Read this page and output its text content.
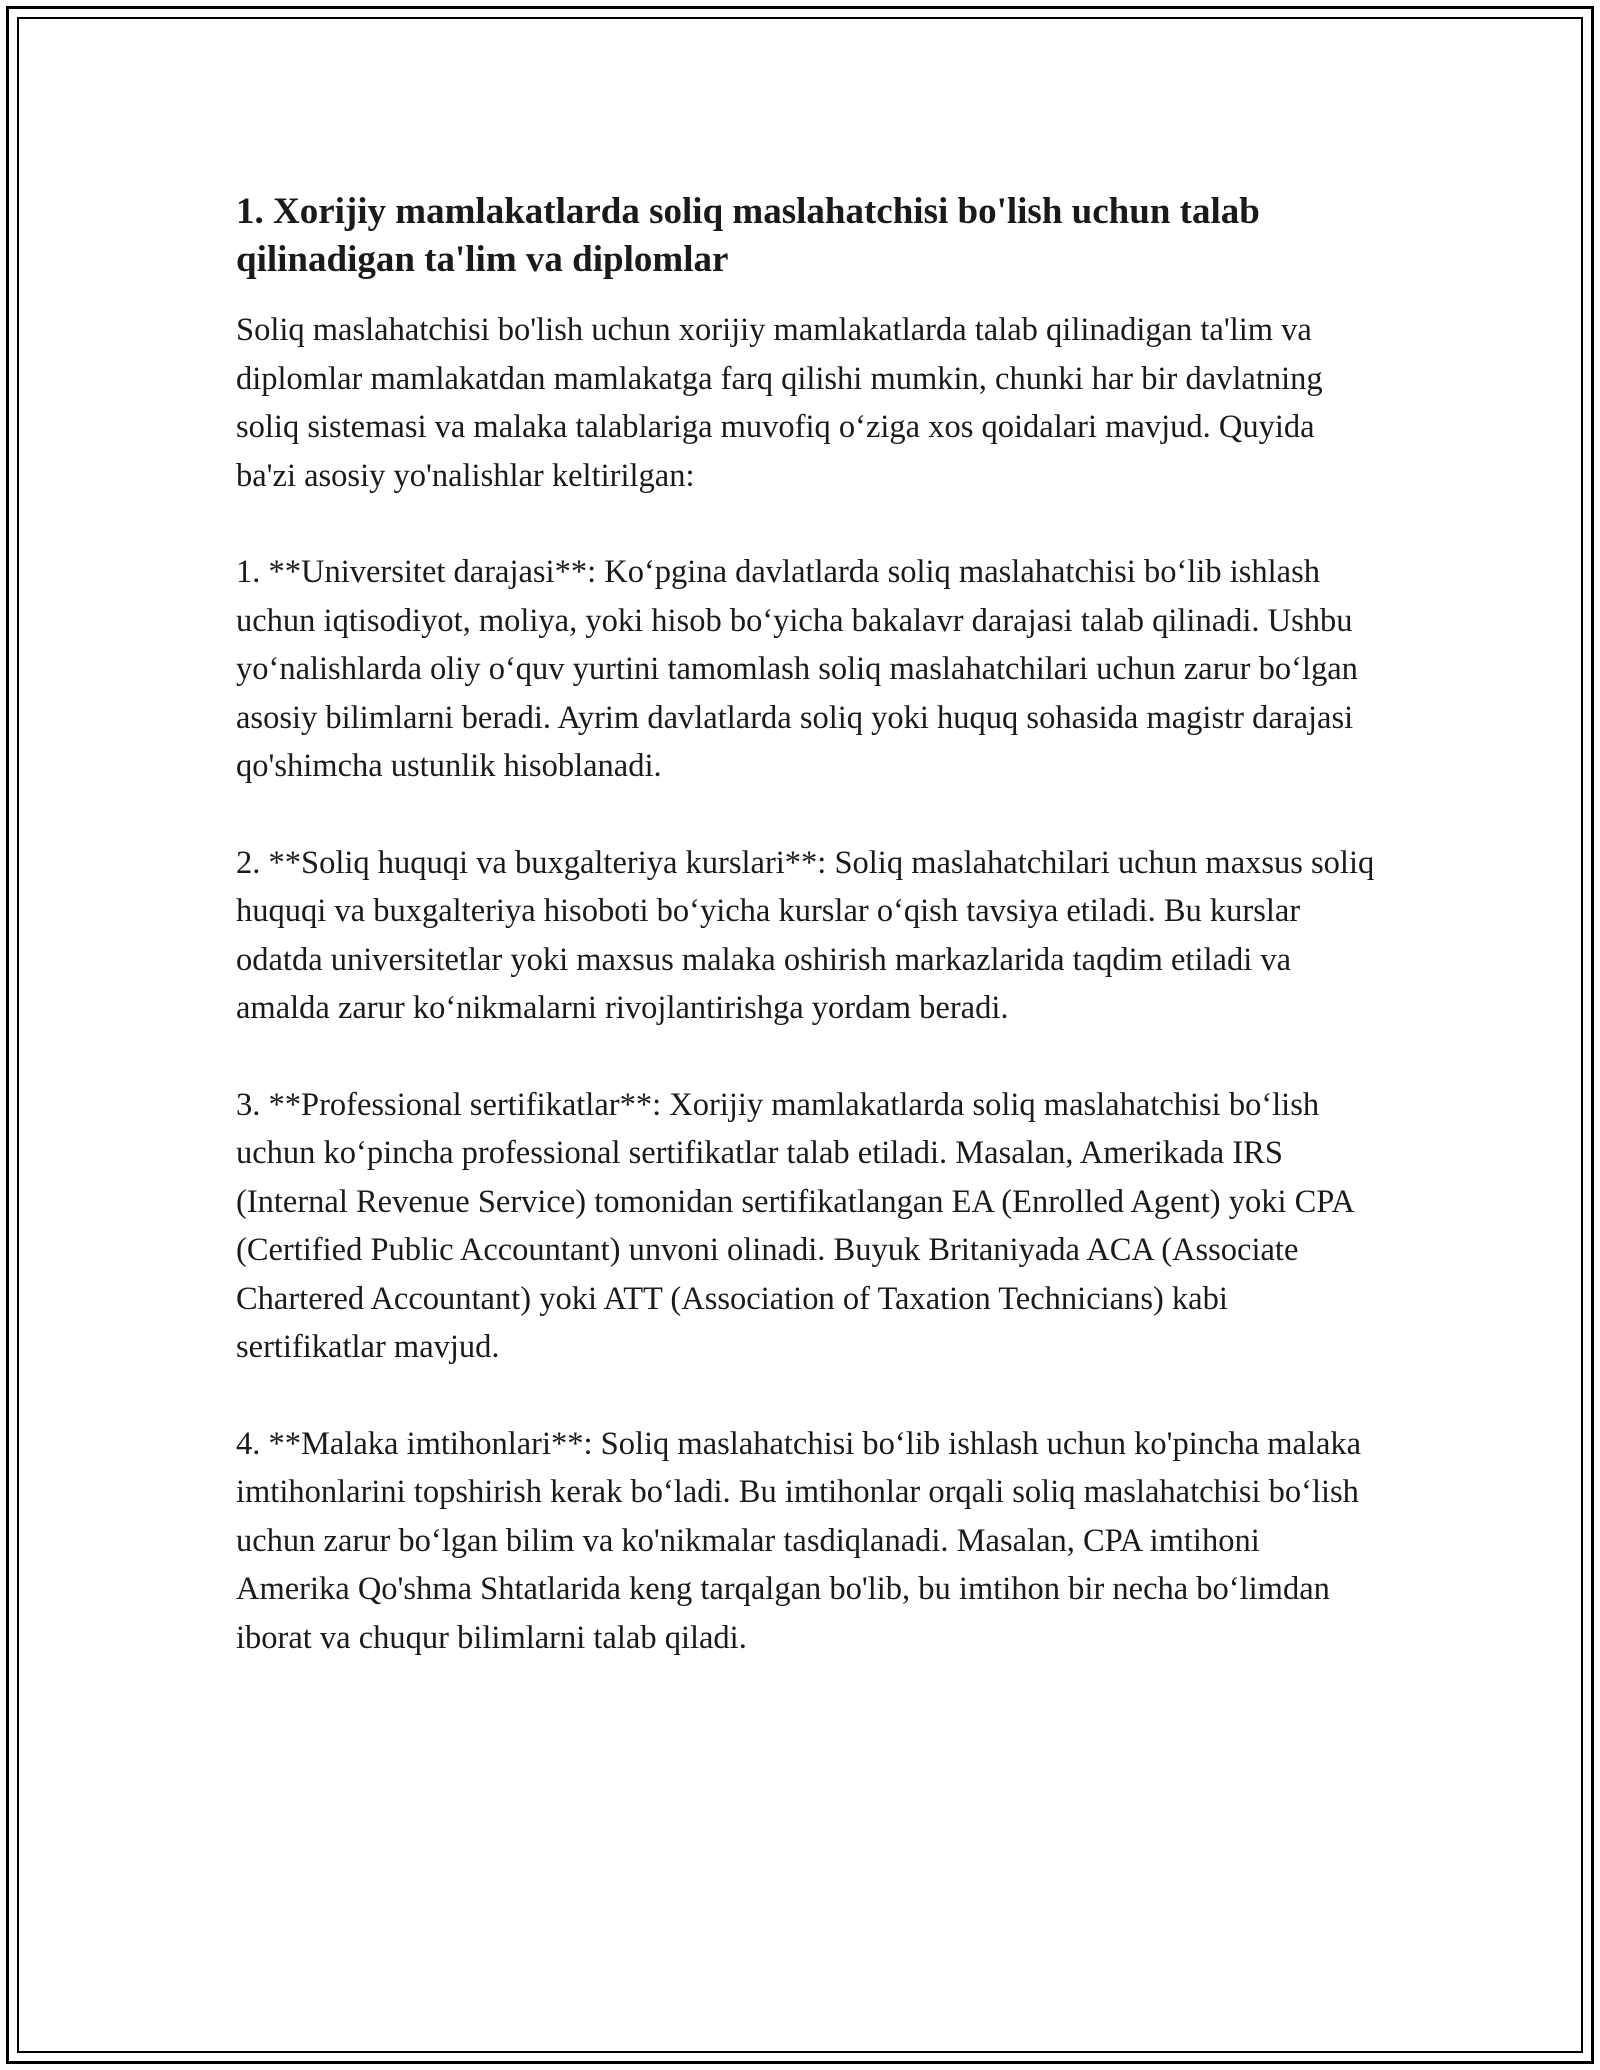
1. Xorijiy mamlakatlarda soliq maslahatchisi bo'lish uchun talab qilinadigan ta'lim va diplomlar

Soliq maslahatchisi bo'lish uchun xorijiy mamlakatlarda talab qilinadigan ta'lim va diplomlar mamlakatdan mamlakatga farq qilishi mumkin, chunki har bir davlatning soliq sistemasi va malaka talablariga muvofiq o‘ziga xos qoidalari mavjud. Quyida ba'zi asosiy yo'nalishlar keltirilgan:

1. **Universitet darajasi**: Ko‘pgina davlatlarda soliq maslahatchisi bo‘lib ishlash uchun iqtisodiyot, moliya, yoki hisob bo‘yicha bakalavr darajasi talab qilinadi. Ushbu yo‘nalishlarda oliy o‘quv yurtini tamomlash soliq maslahatchilari uchun zarur bo‘lgan asosiy bilimlarni beradi. Ayrim davlatlarda soliq yoki huquq sohasida magistr darajasi qo'shimcha ustunlik hisoblanadi.

2. **Soliq huquqi va buxgalteriya kurslari**: Soliq maslahatchilari uchun maxsus soliq huquqi va buxgalteriya hisoboti bo‘yicha kurslar o‘qish tavsiya etiladi. Bu kurslar odatda universitetlar yoki maxsus malaka oshirish markazlarida taqdim etiladi va amalda zarur ko‘nikmalarni rivojlantirishga yordam beradi.

3. **Professional sertifikatlar**: Xorijiy mamlakatlarda soliq maslahatchisi bo‘lish uchun ko‘pincha professional sertifikatlar talab etiladi. Masalan, Amerikada IRS (Internal Revenue Service) tomonidan sertifikatlangan EA (Enrolled Agent) yoki CPA (Certified Public Accountant) unvoni olinadi. Buyuk Britaniyada ACA (Associate Chartered Accountant) yoki ATT (Association of Taxation Technicians) kabi sertifikatlar mavjud.

4. **Malaka imtihonlari**: Soliq maslahatchisi bo‘lib ishlash uchun ko'pincha malaka imtihonlarini topshirish kerak bo‘ladi. Bu imtihonlar orqali soliq maslahatchisi bo‘lish uchun zarur bo‘lgan bilim va ko'nikmalar tasdiqlanadi. Masalan, CPA imtihoni Amerika Qo'shma Shtatlarida keng tarqalgan bo'lib, bu imtihon bir necha bo‘limdan iborat va chuqur bilimlarni talab qiladi.
